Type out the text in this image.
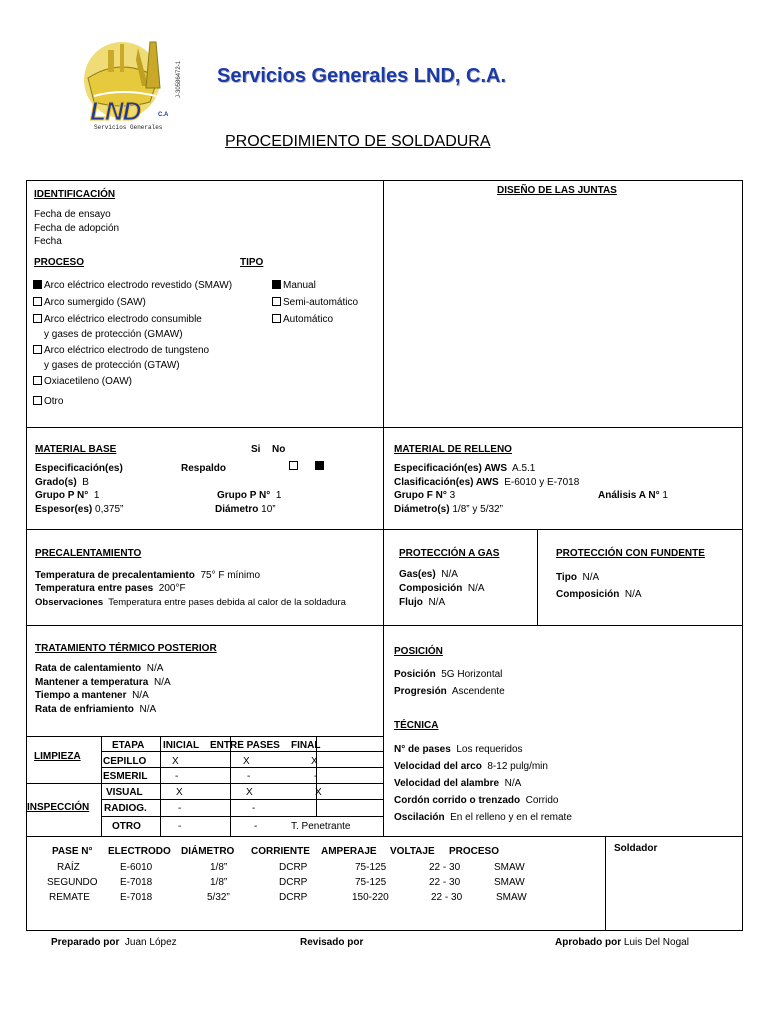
J-30586472-1
LND	C.A
Servicios Generales
Servicios Generales LND, C.A.
PROCEDIMIENTO DE SOLDADURA
IDENTIFICACIÓN
Fecha de ensayo
Fecha de adopción
Fecha
PROCESO	TIPO
Arco eléctrico electrodo revestido (SMAW)
Arco sumergido (SAW)
Arco eléctrico electrodo consumible
y gases de protección (GMAW)
Arco eléctrico electrodo de tungsteno
y gases de protección (GTAW)
Oxiacetileno (OAW)
Otro
Manual
Semi-automático
Automático
DISEÑO DE LAS JUNTAS
MATERIAL BASE	Si No
Especificación(es)	Respaldo
Grado(s) B
Grupo P N° 1	Grupo P N° 1
Espesor(es) 0,375”	Diámetro 10”
MATERIAL DE RELLENO
Especificación(es) AWS A.5.1
Clasificación(es) AWS E-6010 y E-7018
Grupo F N° 3	Análisis A N° 1
Diámetro(s) 1/8” y 5/32”
PRECALENTAMIENTO
Temperatura de precalentamiento 75° F mínimo
Temperatura entre pases 200°F
Observaciones Temperatura entre pases debida al calor de la soldadura
PROTECCIÓN A GAS
Gas(es) N/A
Composición N/A
Flujo N/A
PROTECCIÓN CON FUNDENTE
Tipo N/A
Composición N/A
TRATAMIENTO TÉRMICO POSTERIOR
Rata de calentamiento N/A
Mantener a temperatura N/A
Tiempo a mantener N/A
Rata de enfriamiento N/A
LIMPIEZA
INSPECCIÓN
ETAPA INICIAL ENTRE PASES FINAL
CEPILLO	X	X	X
ESMERIL	-	-	-
VISUAL	X	X	X
RADIOG.	-	-
OTRO	-	-	T. Penetrante
POSICIÓN
Posición 5G Horizontal
Progresión Ascendente
TÉCNICA
N° de pases Los requeridos
Velocidad del arco 8-12 pulg/min
Velocidad del alambre N/A
Cordón corrido o trenzado Corrido
Oscilación En el relleno y en el remate
PASE N° ELECTRODO DIÁMETRO CORRIENTE AMPERAJE VOLTAJE PROCESO
RAÍZ	E-6010	1/8”	DCRP	75-125	22 - 30	SMAW
SEGUNDO E-7018	1/8”	DCRP	75-125	22 - 30	SMAW
REMATE	E-7018	5/32”	DCRP	150-220	22 - 30	SMAW
Soldador
Preparado por Juan López	Revisado por	Aprobado por Luis Del Nogal
